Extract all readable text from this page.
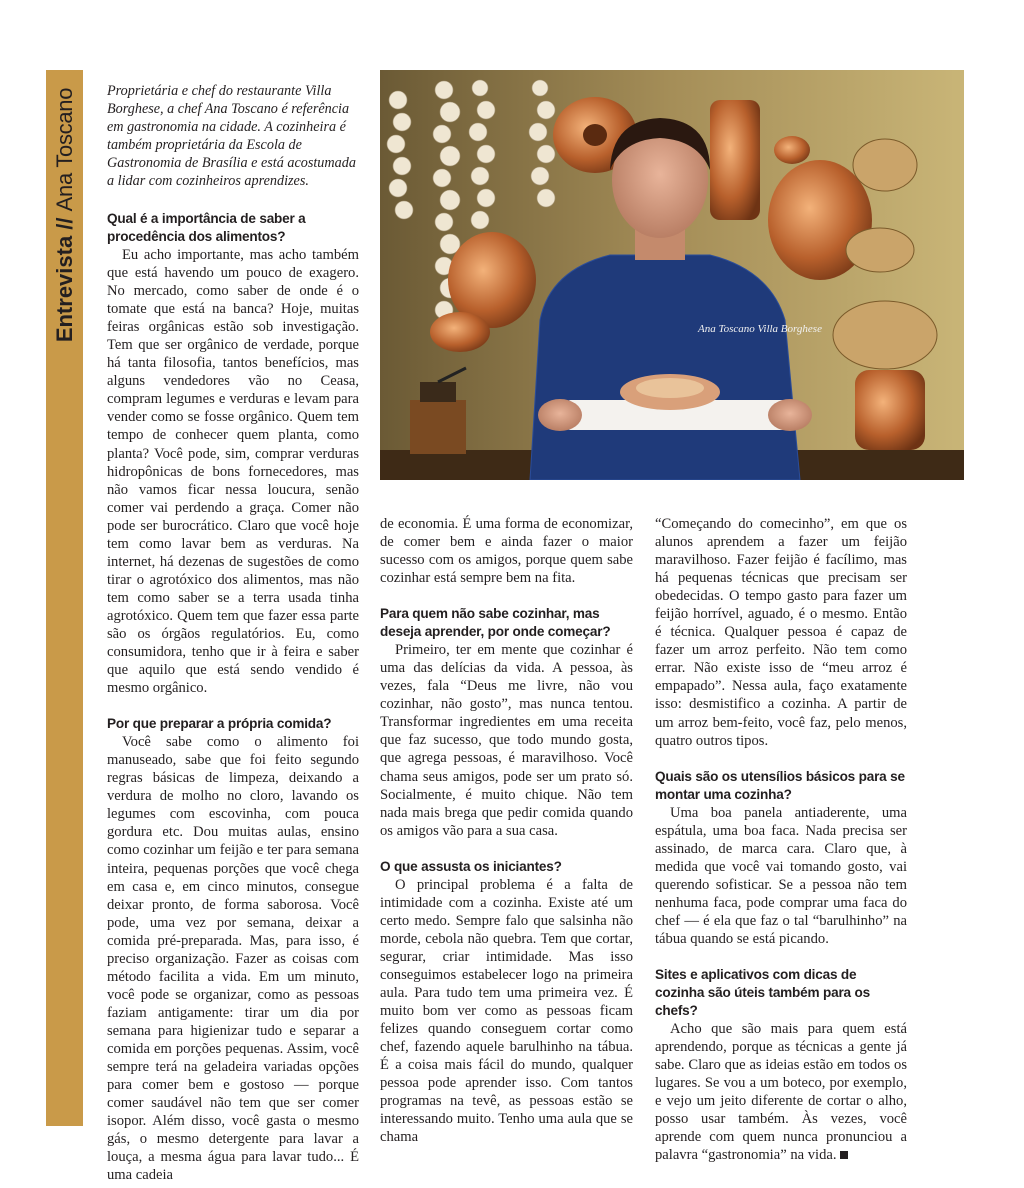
Entrevista // Ana Toscano Proprietária e chef do restaurante Villa Borghese, a chef Ana Toscano é referência em gastronomia na cidade. A cozinheira é também proprietária da Escola de Gastronomia de Brasília e está acostumada a lidar com cozinheiros aprendizes.

Ana Toscano Villa Borghese
Qual é a importância de saber a procedência dos alimentos?

Eu acho importante, mas acho também que está havendo um pouco de exagero. No mercado, como saber de onde é o tomate que está na banca? Hoje, muitas feiras orgânicas estão sob investigação. Tem que ser orgânico de verdade, porque há tanta filosofia, tantos benefícios, mas alguns vendedores vão no Ceasa, compram legumes e verduras e levam para vender como se fosse orgânico. Quem tem tempo de conhecer quem planta, como planta? Você pode, sim, comprar verduras hidropônicas de bons fornecedores, mas não vamos ficar nessa loucura, senão comer vai perdendo a graça. Comer não pode ser burocrático. Claro que você hoje tem como lavar bem as verduras. Na internet, há dezenas de sugestões de como tirar o agrotóxico dos alimentos, mas não tem como saber se a terra usada tinha agrotóxico. Quem tem que fazer essa parte são os órgãos regulatórios. Eu, como consumidora, tenho que ir à feira e saber que aquilo que está sendo vendido é mesmo orgânico.

Por que preparar a própria comida?

Você sabe como o alimento foi manuseado, sabe que foi feito segundo regras básicas de limpeza, deixando a verdura de molho no cloro, lavando os legumes com escovinha, com pouca gordura etc. Dou muitas aulas, ensino como cozinhar um feijão e ter para semana inteira, pequenas porções que você chega em casa e, em cinco minutos, consegue deixar pronto, de forma saborosa. Você pode, uma vez por semana, deixar a comida pré-preparada. Mas, para isso, é preciso organização. Fazer as coisas com método facilita a vida. Em um minuto, você pode se organizar, como as pessoas faziam antigamente: tirar um dia por semana para higienizar tudo e separar a comida em porções pequenas. Assim, você sempre terá na geladeira variadas opções para comer bem e gostoso — porque comer saudável não tem que ser comer isopor. Além disso, você gasta o mesmo gás, o mesmo detergente para lavar a louça, a mesma água para lavar tudo... É uma cadeia

de economia. É uma forma de economizar, de comer bem e ainda fazer o maior sucesso com os amigos, porque quem sabe cozinhar está sempre bem na fita.

Para quem não sabe cozinhar, mas deseja aprender, por onde começar?

Primeiro, ter em mente que cozinhar é uma das delícias da vida. A pessoa, às vezes, fala “Deus me livre, não vou cozinhar, não gosto”, mas nunca tentou. Transformar ingredientes em uma receita que faz sucesso, que todo mundo gosta, que agrega pessoas, é maravilhoso. Você chama seus amigos, pode ser um prato só. Socialmente, é muito chique. Não tem nada mais brega que pedir comida quando os amigos vão para a sua casa.

O que assusta os iniciantes?

O principal problema é a falta de intimidade com a cozinha. Existe até um certo medo. Sempre falo que salsinha não morde, cebola não quebra. Tem que cortar, segurar, criar intimidade. Mas isso conseguimos estabelecer logo na primeira aula. Para tudo tem uma primeira vez. É muito bom ver como as pessoas ficam felizes quando conseguem cortar como chef, fazendo aquele barulhinho na tábua. É a coisa mais fácil do mundo, qualquer pessoa pode aprender isso. Com tantos programas na tevê, as pessoas estão se interessando muito. Tenho uma aula que se chama

“Começando do comecinho”, em que os alunos aprendem a fazer um feijão maravilhoso. Fazer feijão é facílimo, mas há pequenas técnicas que precisam ser obedecidas. O tempo gasto para fazer um feijão horrível, aguado, é o mesmo. Então é técnica. Qualquer pessoa é capaz de fazer um arroz perfeito. Não tem como errar. Não existe isso de “meu arroz é empapado”. Nessa aula, faço exatamente isso: desmistifico a cozinha. A partir de um arroz bem-feito, você faz, pelo menos, quatro outros tipos.

Quais são os utensílios básicos para se montar uma cozinha?

Uma boa panela antiaderente, uma espátula, uma boa faca. Nada precisa ser assinado, de marca cara. Claro que, à medida que você vai tomando gosto, vai querendo sofisticar. Se a pessoa não tem nenhuma faca, pode comprar uma faca do chef — é ela que faz o tal “barulhinho” na tábua quando se está picando.

Sites e aplicativos com dicas de cozinha são úteis também para os chefs?

Acho que são mais para quem está aprendendo, porque as técnicas a gente já sabe. Claro que as ideias estão em todos os lugares. Se vou a um boteco, por exemplo, e vejo um jeito diferente de cortar o alho, posso usar também. Às vezes, você aprende com quem nunca pronunciou a palavra “gastronomia” na vida.
